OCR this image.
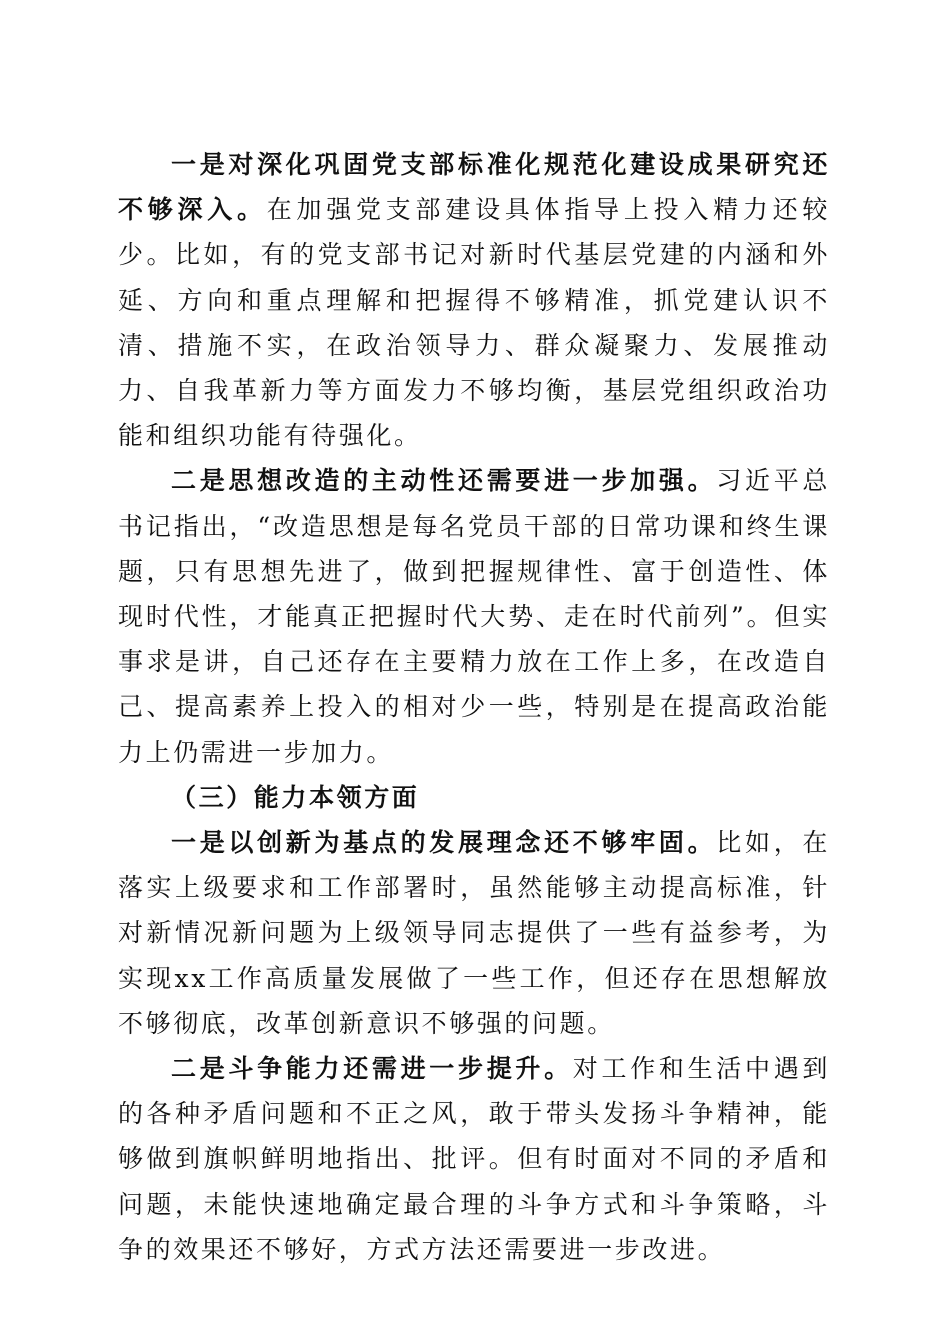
一是对深化巩固党支部标准化规范化建设成果研究还不够深入。在加强党支部建设具体指导上投入精力还较少。比如，有的党支部书记对新时代基层党建的内涵和外延、方向和重点理解和把握得不够精准，抓党建认识不清、措施不实，在政治领导力、群众凝聚力、发展推动力、自我革新力等方面发力不够均衡，基层党组织政治功能和组织功能有待强化。

二是思想改造的主动性还需要进一步加强。习近平总书记指出，“改造思想是每名党员干部的日常功课和终生课题，只有思想先进了，做到把握规律性、富于创造性、体现时代性，才能真正把握时代大势、走在时代前列”。但实事求是讲，自己还存在主要精力放在工作上多，在改造自己、提高素养上投入的相对少一些，特别是在提高政治能力上仍需进一步加力。

（三）能力本领方面

一是以创新为基点的发展理念还不够牢固。比如，在落实上级要求和工作部署时，虽然能够主动提高标准，针对新情况新问题为上级领导同志提供了一些有益参考，为实现xx工作高质量发展做了一些工作，但还存在思想解放不够彻底，改革创新意识不够强的问题。

二是斗争能力还需进一步提升。对工作和生活中遇到的各种矛盾问题和不正之风，敢于带头发扬斗争精神，能够做到旗帜鲜明地指出、批评。但有时面对不同的矛盾和问题，未能快速地确定最合理的斗争方式和斗争策略，斗争的效果还不够好，方式方法还需要进一步改进。
